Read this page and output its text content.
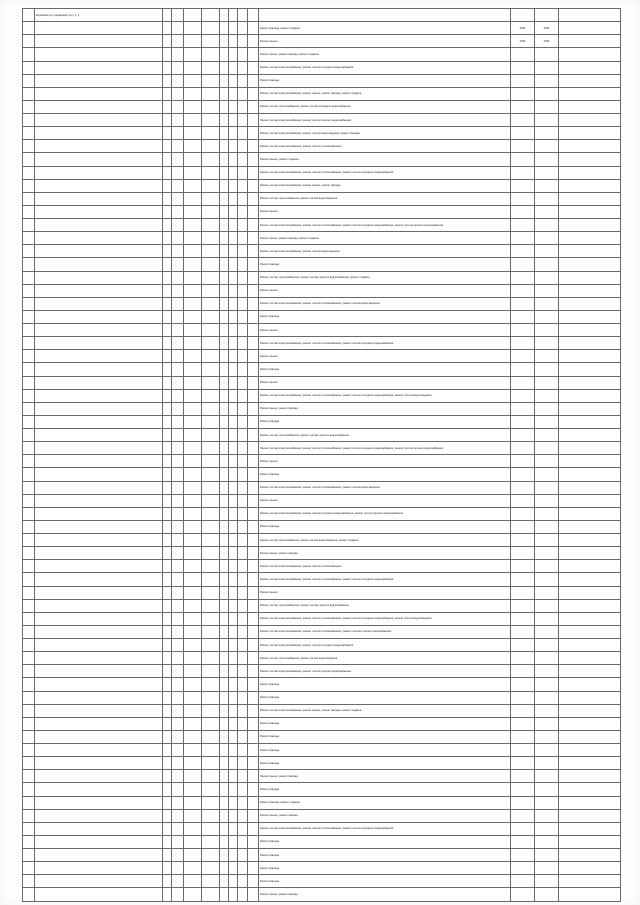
	Кировский р-н, Кировский пр-кт, д. 1												
										Ремонт фасада, ремонт подвала	2026	2026	
										Ремонт крыши	2026	2026	
										Ремонт крыши, ремонт фасада, ремонт подвала			
										Ремонт систем электроснабжения, ремонт систем холодного водоснабжения			
										Ремонт фасада			
										Ремонт систем электроснабжения, ремонт крыши, ремонт фасада, ремонт подвала			
										Ремонт систем теплоснабжения, ремонт систем холодного водоснабжения			
										Ремонт систем электроснабжения, ремонт систем горячего водоснабжения			
										Ремонт систем электроснабжения, ремонт систем водоотведения, ремонт фасада			
										Ремонт систем электроснабжения, ремонт систем теплоснабжения			
										Ремонт крыши, ремонт подвала			
										Ремонт систем электроснабжения, ремонт систем теплоснабжения, ремонт систем холодного водоснабжения			
										Ремонт систем электроснабжения, ремонт крыши, ремонт фасада			
										Ремонт систем теплоснабжения, ремонт систем водоотведения			
										Ремонт крыши			
										Ремонт систем электроснабжения, ремонт систем теплоснабжения, ремонт систем холодного водоснабжения, ремонт систем горячего водоснабжения			
										Ремонт крыши, ремонт фасада, ремонт подвала			
										Ремонт систем электроснабжения, ремонт систем водоотведения			
										Ремонт фасада			
										Ремонт систем теплоснабжения, ремонт систем горячего водоснабжения, ремонт подвала			
										Ремонт крыши			
										Ремонт систем электроснабжения, ремонт систем теплоснабжения, ремонт систем водоотведения			
										Ремонт фасада			
										Ремонт крыши			
										Ремонт систем электроснабжения, ремонт систем теплоснабжения, ремонт систем холодного водоснабжения			
										Ремонт крыши			
										Ремонт фасада			
										Ремонт крыши			
										Ремонт систем электроснабжения, ремонт систем теплоснабжения, ремонт систем холодного водоснабжения, ремонт систем водоотведения			
										Ремонт крыши, ремонт фасада			
										Ремонт фасада			
										Ремонт систем теплоснабжения, ремонт систем горячего водоснабжения			
										Ремонт систем электроснабжения, ремонт систем теплоснабжения, ремонт систем холодного водоснабжения, ремонт систем горячего водоснабжения			
										Ремонт крыши			
										Ремонт фасада			
										Ремонт систем электроснабжения, ремонт систем теплоснабжения, ремонт систем водоотведения			
										Ремонт крыши			
										Ремонт систем электроснабжения, ремонт систем холодного водоснабжения, ремонт систем горячего водоснабжения			
										Ремонт фасада			
										Ремонт систем теплоснабжения, ремонт систем водоотведения, ремонт подвала			
										Ремонт крыши, ремонт фасада			
										Ремонт систем электроснабжения, ремонт систем теплоснабжения			
										Ремонт систем электроснабжения, ремонт систем теплоснабжения, ремонт систем холодного водоснабжения			
										Ремонт крыши			
										Ремонт систем теплоснабжения, ремонт систем горячего водоснабжения			
										Ремонт систем электроснабжения, ремонт систем теплоснабжения, ремонт систем холодного водоснабжения, ремонт систем водоотведения			
										Ремонт систем электроснабжения, ремонт систем теплоснабжения, ремонт систем горячего водоснабжения			
										Ремонт систем электроснабжения, ремонт систем холодного водоснабжения			
										Ремонт систем теплоснабжения, ремонт систем водоотведения			
										Ремонт систем электроснабжения, ремонт систем горячего водоснабжения			
										Ремонт фасада			
										Ремонт фасада			
										Ремонт систем электроснабжения, ремонт крыши, ремонт фасада, ремонт подвала			
										Ремонт фасада			
										Ремонт фасада			
										Ремонт фасада			
										Ремонт фасада			
										Ремонт крыши, ремонт фасада			
										Ремонт фасада			
										Ремонт фасада, ремонт подвала			
										Ремонт крыши, ремонт фасада			
										Ремонт систем электроснабжения, ремонт систем теплоснабжения, ремонт систем холодного водоснабжения			
										Ремонт фасада			
										Ремонт фасада			
										Ремонт фасада			
										Ремонт фасада			
										Ремонт крыши, ремонт фасада			
